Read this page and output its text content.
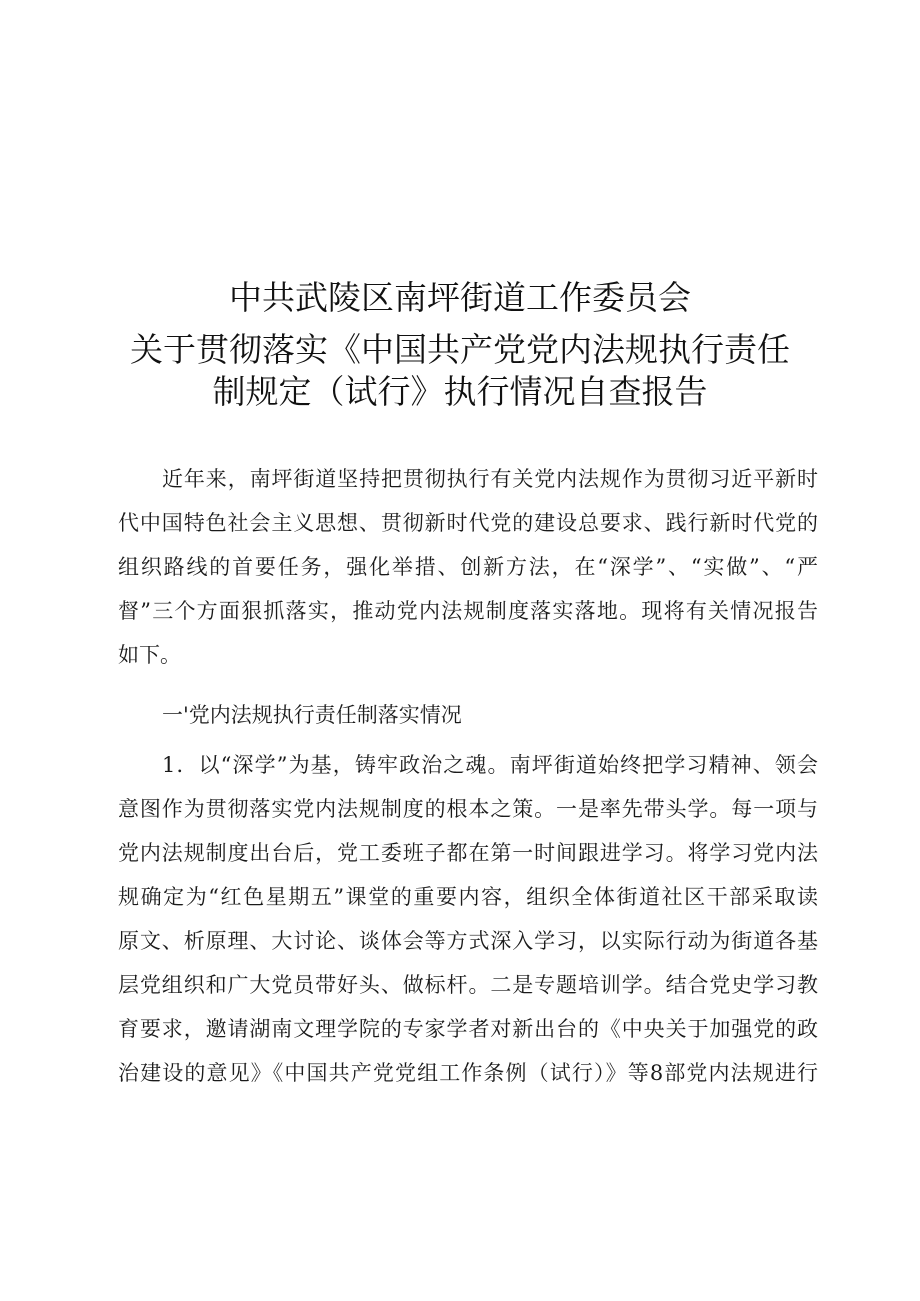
中共武陵区南坪街道工作委员会
关于贯彻落实《中国共产党党内法规执行责任
制规定（试行》执行情况自查报告
近年来，南坪街道坚持把贯彻执行有关党内法规作为贯彻习近平新时
代中国特色社会主义思想、贯彻新时代党的建设总要求、践行新时代党的
组织路线的首要任务，强化举措、创新方法，在“深学”、“实做”、“严
督”三个方面狠抓落实，推动党内法规制度落实落地。现将有关情况报告
如下。
一'党内法规执行责任制落实情况
1．以“深学”为基，铸牢政治之魂。南坪街道始终把学习精神、领会
意图作为贯彻落实党内法规制度的根本之策。一是率先带头学。每一项与
党内法规制度出台后，党工委班子都在第一时间跟进学习。将学习党内法
规确定为“红色星期五”课堂的重要内容，组织全体街道社区干部采取读
原文、析原理、大讨论、谈体会等方式深入学习，以实际行动为街道各基
层党组织和广大党员带好头、做标杆。二是专题培训学。结合党史学习教
育要求，邀请湖南文理学院的专家学者对新出台的《中央关于加强党的政
治建设的意见》《中国共产党党组工作条例（试行）》等8部党内法规进行
